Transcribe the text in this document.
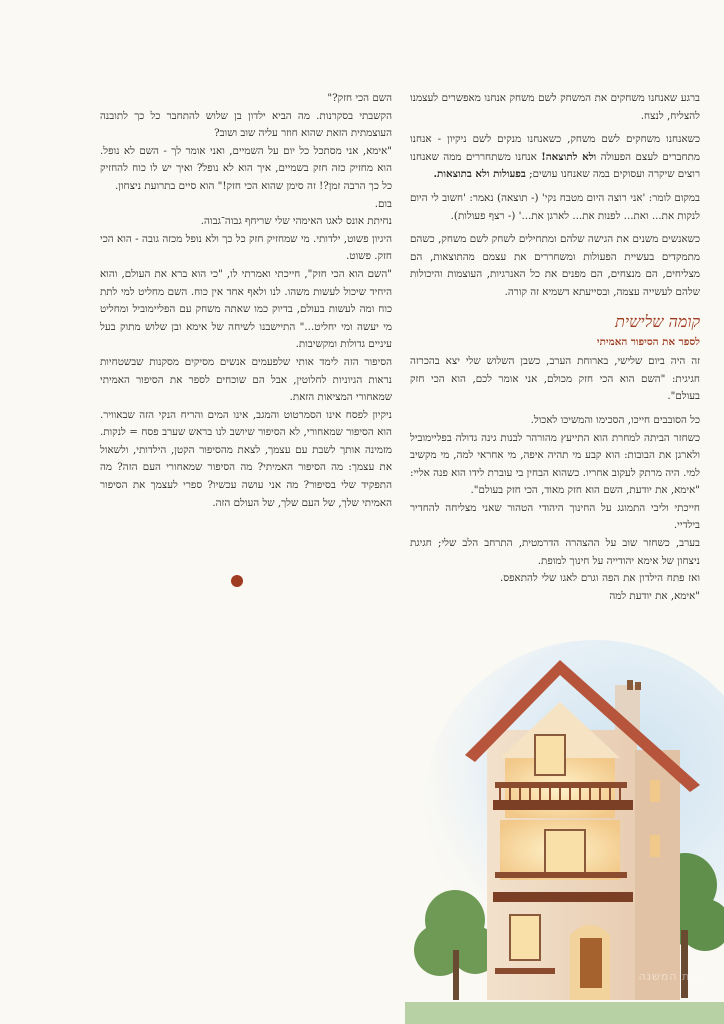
ברגע שאנחנו משחקים את המשחק לשם משחק אנחנו מאפשרים לעצמנו להצליח, לנצח.

כשאנחנו משחקים לשם משחק, כשאנחנו מנקים לשם ניקיון - אנחנו מתחברים לעצם הפעולה ולא לתוצאה! אנחנו משתחררים ממה שאנחנו רוצים שיקרה ועסוקים במה שאנחנו עושים; בפעולות ולא בתוצאות.

במקום לומר: 'אני רוצה היום מטבח נקי' (- תוצאה) נאמר: 'חשוב לי היום לנקות את... ואת... לפנות את... לארגן את...' (- רצף פעולות).

כשאנשים משנים את הגישה שלהם ומתחילים לשחק לשם משחק, כשהם מתמקדים בעשיית הפעולות ומשחררים את עצמם מהתוצאות, הם מצליחים, הם מנצחים, הם מפנים את כל האנרגיות, העוצמות והיכולות שלהם לעשייה עצמה, ובסייעתא דשמיא זה קורה.

קומה שלישית
לספר את הסיפור האמיתי

זה היה ביום שלישי, בארוחת הערב, כשבן השלוש שלי יצא בהכרזה חגיגית: "השם הוא הכי חזק מכולם, אני אומר לכם, הוא הכי חזק בעולם".

כל הסובבים חייכו, הסכימו והמשיכו לאכול.

כשחזר הביתה למחרת הוא התייעץ מהורהר לבנות גינה גדולה בפליימוביל ולארגן את הבובות: הוא קבע מי תהיה איפה, מי אחראי למה, מי מקשיב למי. היה מרתק לעקוב אחריו. כשהוא הבחין בי עוברת לידו הוא פנה אליי: "אימא, את יודעת, השם הוא חזק מאוד, הכי חזק בעולם".

חייכתי וליבי התמוגג על החינוך היהודי הטהור שאני מצליחה להחדיר בילדיי.

בערב, כשחזר שוב על ההצהרה הדרמטית, התרחב הלב שלי; חגיגת ניצחון של אימא יהודייה על חינוך למופת.

ואז פתח הילדון את הפה וגרם לאגו שלי להתאפס. "אימא, את יודעת למה

השם הכי חזק?"

הקשבתי בסקרנות. מה הביא ילדון בן שלוש להתחבר כל כך לתובנה העוצמתית הזאת שהוא חוזר עליה שוב ושוב?

"אימא, אני מסתכל כל יום על השמיים, ואני אומר לך - השם לא נופל. הוא מחזיק כזה חזק בשמיים, איך הוא לא נופל? ואיך יש לו כוח להחזיק כל כך הרבה זמן?! זה סימן שהוא הכי חזק!" הוא סיים בתרועת ניצחון.

בום.

נחיתת אונס לאגו האימהי שלי שריחף גבוה־גבוה.

היגיון פשוט, ילדותי. מי שמחזיק חזק כל כך ולא נופל מכזה גובה - הוא הכי חזק. פשוט.

"השם הוא הכי חזק", חייכתי ואמרתי לו, "כי הוא ברא את העולם, והוא היחיד שיכול לעשות משהו. לנו ולאף אחד אין כוח. השם מחליט למי לתת כוח ומה לעשות בעולם, בדיוק כמו שאתה משחק עם הפליימוביל ומחליט מי יעשה ומי יחליט..." התיישבנו לשיחה של אימא ובן שלוש מתוק בעל עיניים גדולות ומקשיבות.

הסיפור הזה לימד אותי שלפעמים אנשים מסיקים מסקנות שבשטחיות נראות הגיוניות לחלוטין, אבל הם שוכחים לספר את הסיפור האמיתי שמאחורי המציאות הזאת.

ניקיון לפסח אינו הסמרטוט והמגב, אינו המים והריח הנקי הזה שבאוויר. הוא הסיפור שמאחורי, לא הסיפור שיושב לנו בראש שערב פסח = לנקות. מזמינה אותך לשבת עם עצמך, לצאת מהסיפור הקטן, הילדותי, ולשאול את עצמך: מה הסיפור האמיתי? מה הסיפור שמאחורי העם הזה? מה התפקיד שלי בסיפור? מה אני עושה עכשיו? ספרי לעצמך את הסיפור האמיתי שלך, של העם שלך, של העולם הזה.

קיצת המשנה
